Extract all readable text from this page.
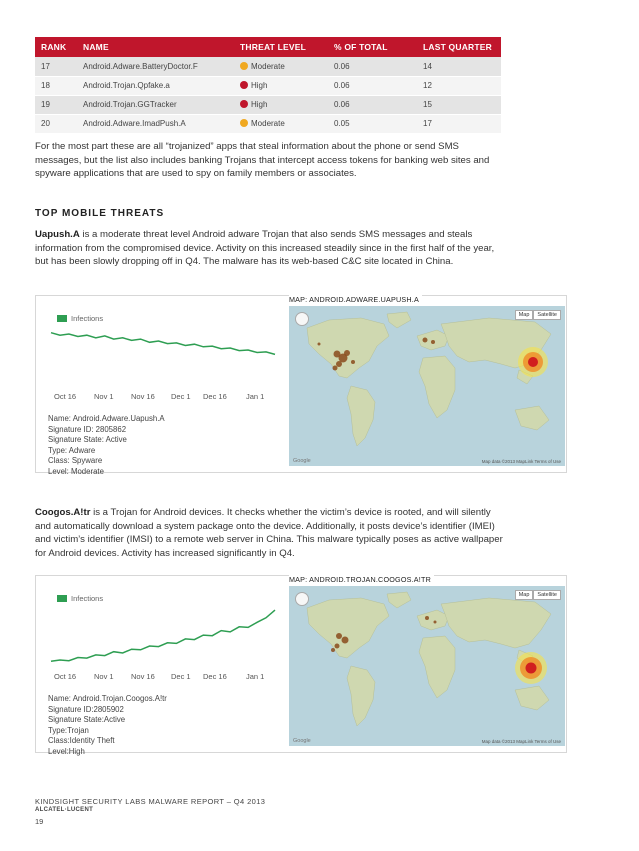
RANK	NAME	THREAT LEVEL	% OF TOTAL	LAST QUARTER
17	Android.Adware.BatteryDoctor.F	Moderate	0.06	14
18	Android.Trojan.Qpfake.a	High	0.06	12
19	Android.Trojan.GGTracker	High	0.06	15
20	Android.Adware.ImadPush.A	Moderate	0.05	17

For the most part these are all “trojanized” apps that steal information about the phone or send SMS messages, but the list also includes banking Trojans that intercept access tokens for banking web sites and spyware applications that are used to spy on family members or associates.

TOP MOBILE THREATS

Uapush.A is a moderate threat level Android adware Trojan that also sends SMS messages and steals information from the compromised device. Activity on this increased steadily since in the first half of the year, but has been slowly dropping off in Q4. The malware has its web-based C&C site located in China.

Infections
Oct 16 Nov 1 Nov 16 Dec 1 Dec 16	Jan 1
Name: Android.Adware.Uapush.A
Signature ID: 2805862
Signature State: Active
Type: Adware
Class: Spyware
Level: Moderate
MAP: ANDROID.ADWARE.UAPUSH.A
Map	Satellite
Google	Map data ©2013 MapLink Terms of Use

Coogos.A!tr is a Trojan for Android devices. It checks whether the victim’s device is rooted, and will silently and automatically download a system package onto the device. Additionally, it posts device’s identifier (IMEI) and victim’s identifier (IMSI) to a remote web server in China. This malware typically poses as active wallpaper for Android devices. Activity has increased significantly in Q4.

Infections
Oct 16 Nov 1 Nov 16 Dec 1 Dec 16	Jan 1
Name: Android.Trojan.Coogos.A!tr
Signature ID:2805902
Signature State:Active
Type:Trojan
Class:Identity Theft
Level:High
MAP: ANDROID.TROJAN.COOGOS.A!TR
Map	Satellite
Google	Map data ©2013 MapLink Terms of Use
KINDSIGHT SECURITY LABS MALWARE REPORT – Q4 2013
ALCATEL·LUCENT
19
